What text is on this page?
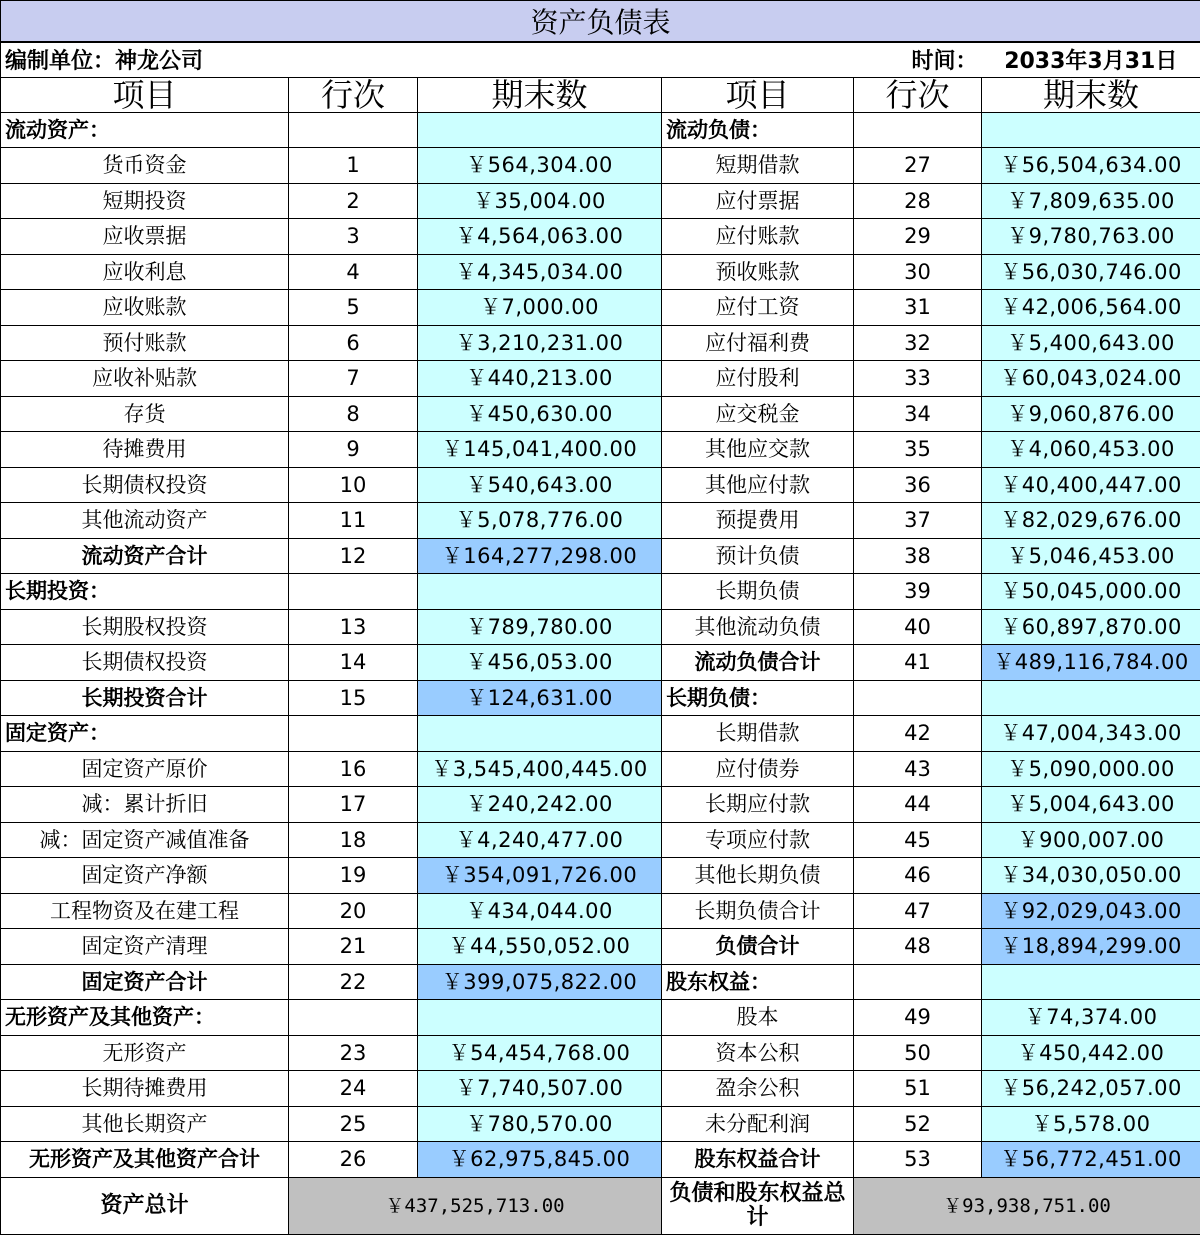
资产负债表					
编制单位：神龙公司				时间：	2033年3月31日
项目	行次	期末数	项目	行次	期末数
流动资产：			流动负债：		
货币资金	1	￥564,304.00	短期借款	27	￥56,504,634.00
短期投资	2	￥35,004.00	应付票据	28	￥7,809,635.00
应收票据	3	￥4,564,063.00	应付账款	29	￥9,780,763.00
应收利息	4	￥4,345,034.00	预收账款	30	￥56,030,746.00
应收账款	5	￥7,000.00	应付工资	31	￥42,006,564.00
预付账款	6	￥3,210,231.00	应付福利费	32	￥5,400,643.00
应收补贴款	7	￥440,213.00	应付股利	33	￥60,043,024.00
存货	8	￥450,630.00	应交税金	34	￥9,060,876.00
待摊费用	9	￥145,041,400.00	其他应交款	35	￥4,060,453.00
长期债权投资	10	￥540,643.00	其他应付款	36	￥40,400,447.00
其他流动资产	11	￥5,078,776.00	预提费用	37	￥82,029,676.00
流动资产合计	12	￥164,277,298.00	预计负债	38	￥5,046,453.00
长期投资：			长期负债	39	￥50,045,000.00
长期股权投资	13	￥789,780.00	其他流动负债	40	￥60,897,870.00
长期债权投资	14	￥456,053.00	流动负债合计	41	￥489,116,784.00
长期投资合计	15	￥124,631.00	长期负债：		
固定资产：			长期借款	42	￥47,004,343.00
固定资产原价	16	￥3,545,400,445.00	应付债券	43	￥5,090,000.00
减：累计折旧	17	￥240,242.00	长期应付款	44	￥5,004,643.00
减：固定资产减值准备	18	￥4,240,477.00	专项应付款	45	￥900,007.00
固定资产净额	19	￥354,091,726.00	其他长期负债	46	￥34,030,050.00
工程物资及在建工程	20	￥434,044.00	长期负债合计	47	￥92,029,043.00
固定资产清理	21	￥44,550,052.00	负债合计	48	￥18,894,299.00
固定资产合计	22	￥399,075,822.00	股东权益：		
无形资产及其他资产：			股本	49	￥74,374.00
无形资产	23	￥54,454,768.00	资本公积	50	￥450,442.00
长期待摊费用	24	￥7,740,507.00	盈余公积	51	￥56,242,057.00
其他长期资产	25	￥780,570.00	未分配利润	52	￥5,578.00
无形资产及其他资产合计	26	￥62,975,845.00	股东权益合计	53	￥56,772,451.00
资产总计	￥437,525,713.00		负债和股东权益总计	￥93,938,751.00	
